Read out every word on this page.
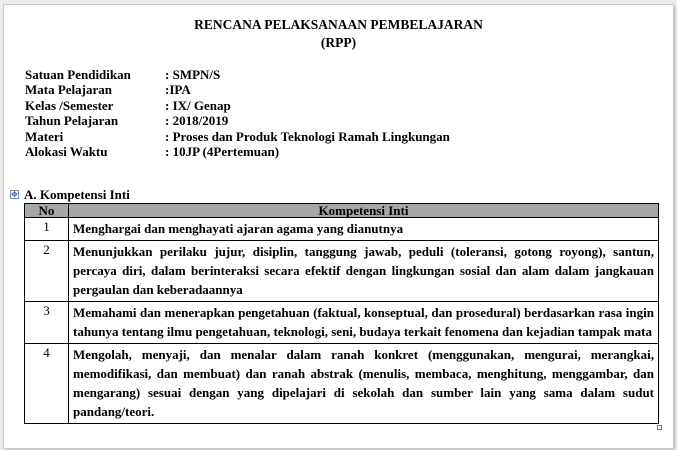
RENCANA PELAKSANAAN PEMBELAJARAN
(RPP)
Satuan Pendidikan	: SMPN/S
Mata Pelajaran	:IPA
Kelas /Semester	: IX/ Genap
Tahun Pelajaran	: 2018/2019
Materi	: Proses dan Produk Teknologi Ramah Lingkungan
Alokasi Waktu	: 10JP (4Pertemuan)
✥ A. Kompetensi Inti
No	Kompetensi Inti
1	Menghargai dan menghayati ajaran agama yang dianutnya
2	Menunjukkan perilaku jujur, disiplin, tanggung jawab, peduli (toleransi, gotong royong), santun, percaya diri, dalam berinteraksi secara efektif dengan lingkungan sosial dan alam dalam jangkauan pergaulan dan keberadaannya
3	Memahami dan menerapkan pengetahuan (faktual, konseptual, dan prosedural) berdasarkan rasa ingin tahunya tentang ilmu pengetahuan, teknologi, seni, budaya terkait fenomena dan kejadian tampak mata
4	Mengolah, menyaji, dan menalar dalam ranah konkret (menggunakan, mengurai, merangkai, memodifikasi, dan membuat) dan ranah abstrak (menulis, membaca, menghitung, menggambar, dan mengarang) sesuai dengan yang dipelajari di sekolah dan sumber lain yang sama dalam sudut pandang/teori.
